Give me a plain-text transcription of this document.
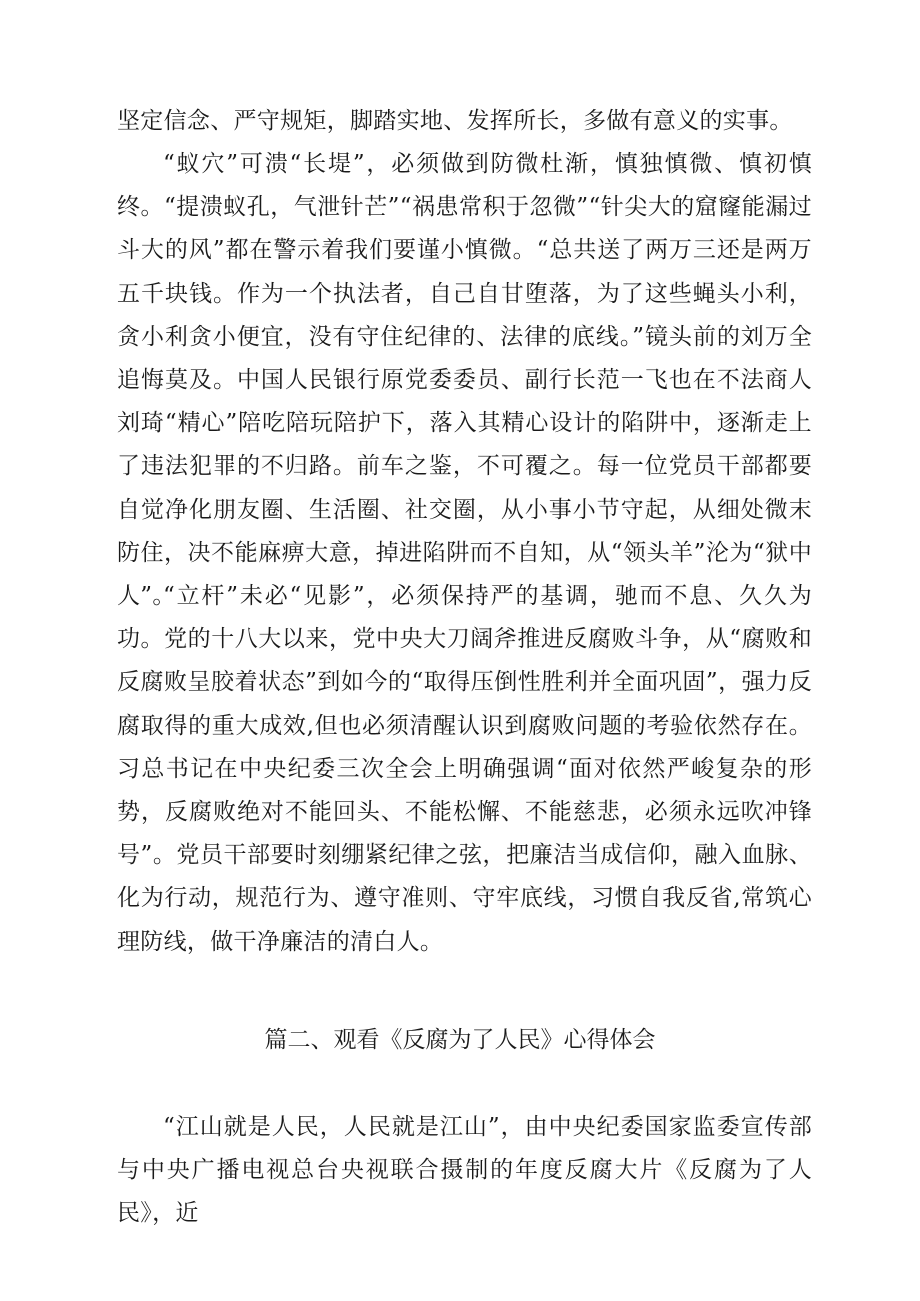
坚定信念、严守规矩，脚踏实地、发挥所长，多做有意义的实事。

“蚁穴”可溃“长堤”，必须做到防微杜渐，慎独慎微、慎初慎终。“提溃蚁孔，气泄针芒”“祸患常积于忽微”“针尖大的窟窿能漏过斗大的风”都在警示着我们要谨小慎微。“总共送了两万三还是两万五千块钱。作为一个执法者，自己自甘堕落，为了这些蝇头小利，贪小利贪小便宜，没有守住纪律的、法律的底线。”镜头前的刘万全追悔莫及。中国人民银行原党委委员、副行长范一飞也在不法商人刘琦“精心”陪吃陪玩陪护下，落入其精心设计的陷阱中，逐渐走上了违法犯罪的不归路。前车之鉴，不可覆之。每一位党员干部都要自觉净化朋友圈、生活圈、社交圈，从小事小节守起，从细处微末防住，决不能麻痹大意，掉进陷阱而不自知，从“领头羊”沦为“狱中人”。

“立杆”未必“见影”，必须保持严的基调，驰而不息、久久为功。党的十八大以来，党中央大刀阔斧推进反腐败斗争，从“腐败和反腐败呈胶着状态”到如今的“取得压倒性胜利并全面巩固”，强力反腐取得的重大成效,但也必须清醒认识到腐败问题的考验依然存在。习总书记在中央纪委三次全会上明确强调“面对依然严峻复杂的形势，反腐败绝对不能回头、不能松懈、不能慈悲，必须永远吹冲锋号”。党员干部要时刻绷紧纪律之弦，把廉洁当成信仰，融入血脉、化为行动，规范行为、遵守准则、守牢底线，习惯自我反省,常筑心理防线，做干净廉洁的清白人。

篇二、观看《反腐为了人民》心得体会

“江山就是人民，人民就是江山”，由中央纪委国家监委宣传部与中央广播电视总台央视联合摄制的年度反腐大片《反腐为了人民》，近
